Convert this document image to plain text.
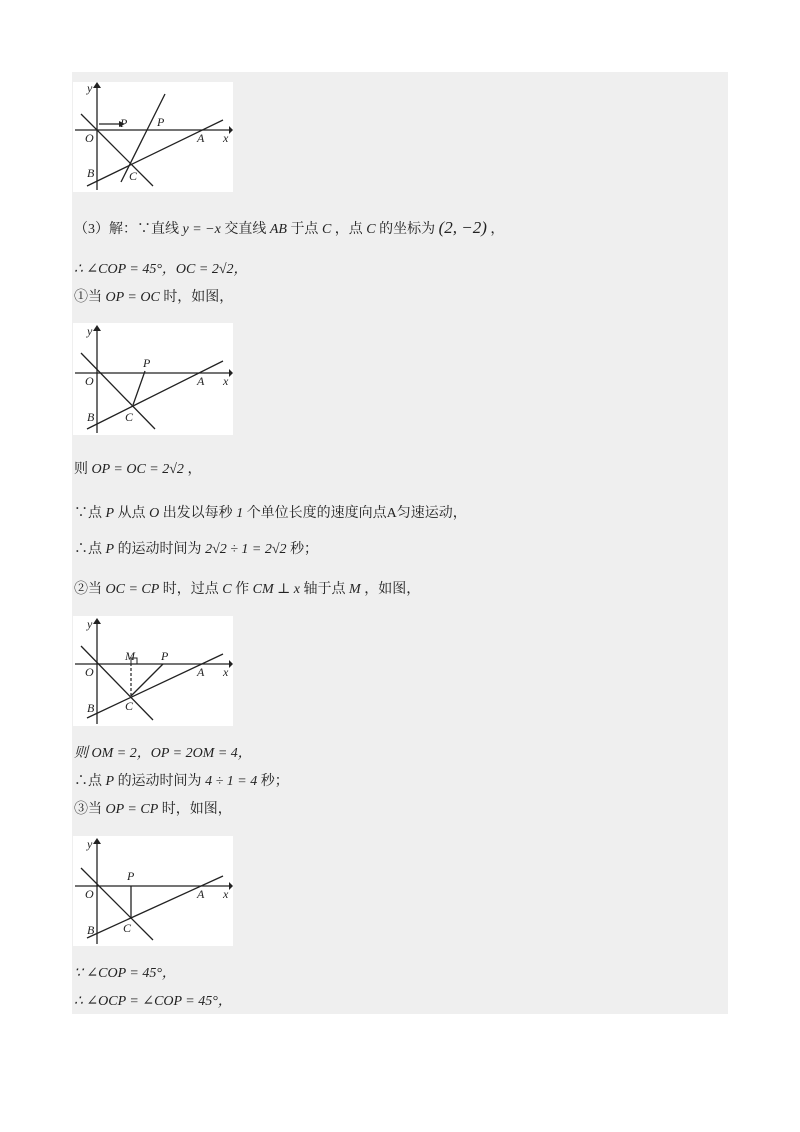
y
O
P P
A x
B	C
（3）解：∵直线 y = −x 交直线 AB 于点 C ，点 C 的坐标为 (2, −2) ，
∴ ∠COP = 45°，OC = 2√2，
①当 OP = OC 时，如图，
y
P
O	A x
B	C
则 OP = OC = 2√2 ，
∵点 P 从点 O 出发以每秒 1 个单位长度的速度向点A匀速运动，
∴点 P 的运动时间为 2√2 ÷ 1 = 2√2 秒；
②当 OC = CP 时，过点 C 作 CM ⊥ x 轴于点 M ，如图，
y
M P
O	A x
B	C
则 OM = 2，OP = 2OM = 4，
∴点 P 的运动时间为 4 ÷ 1 = 4 秒；
③当 OP = CP 时，如图，
y
P
O	A x
B C
∵ ∠COP = 45°，
∴ ∠OCP = ∠COP = 45°，
